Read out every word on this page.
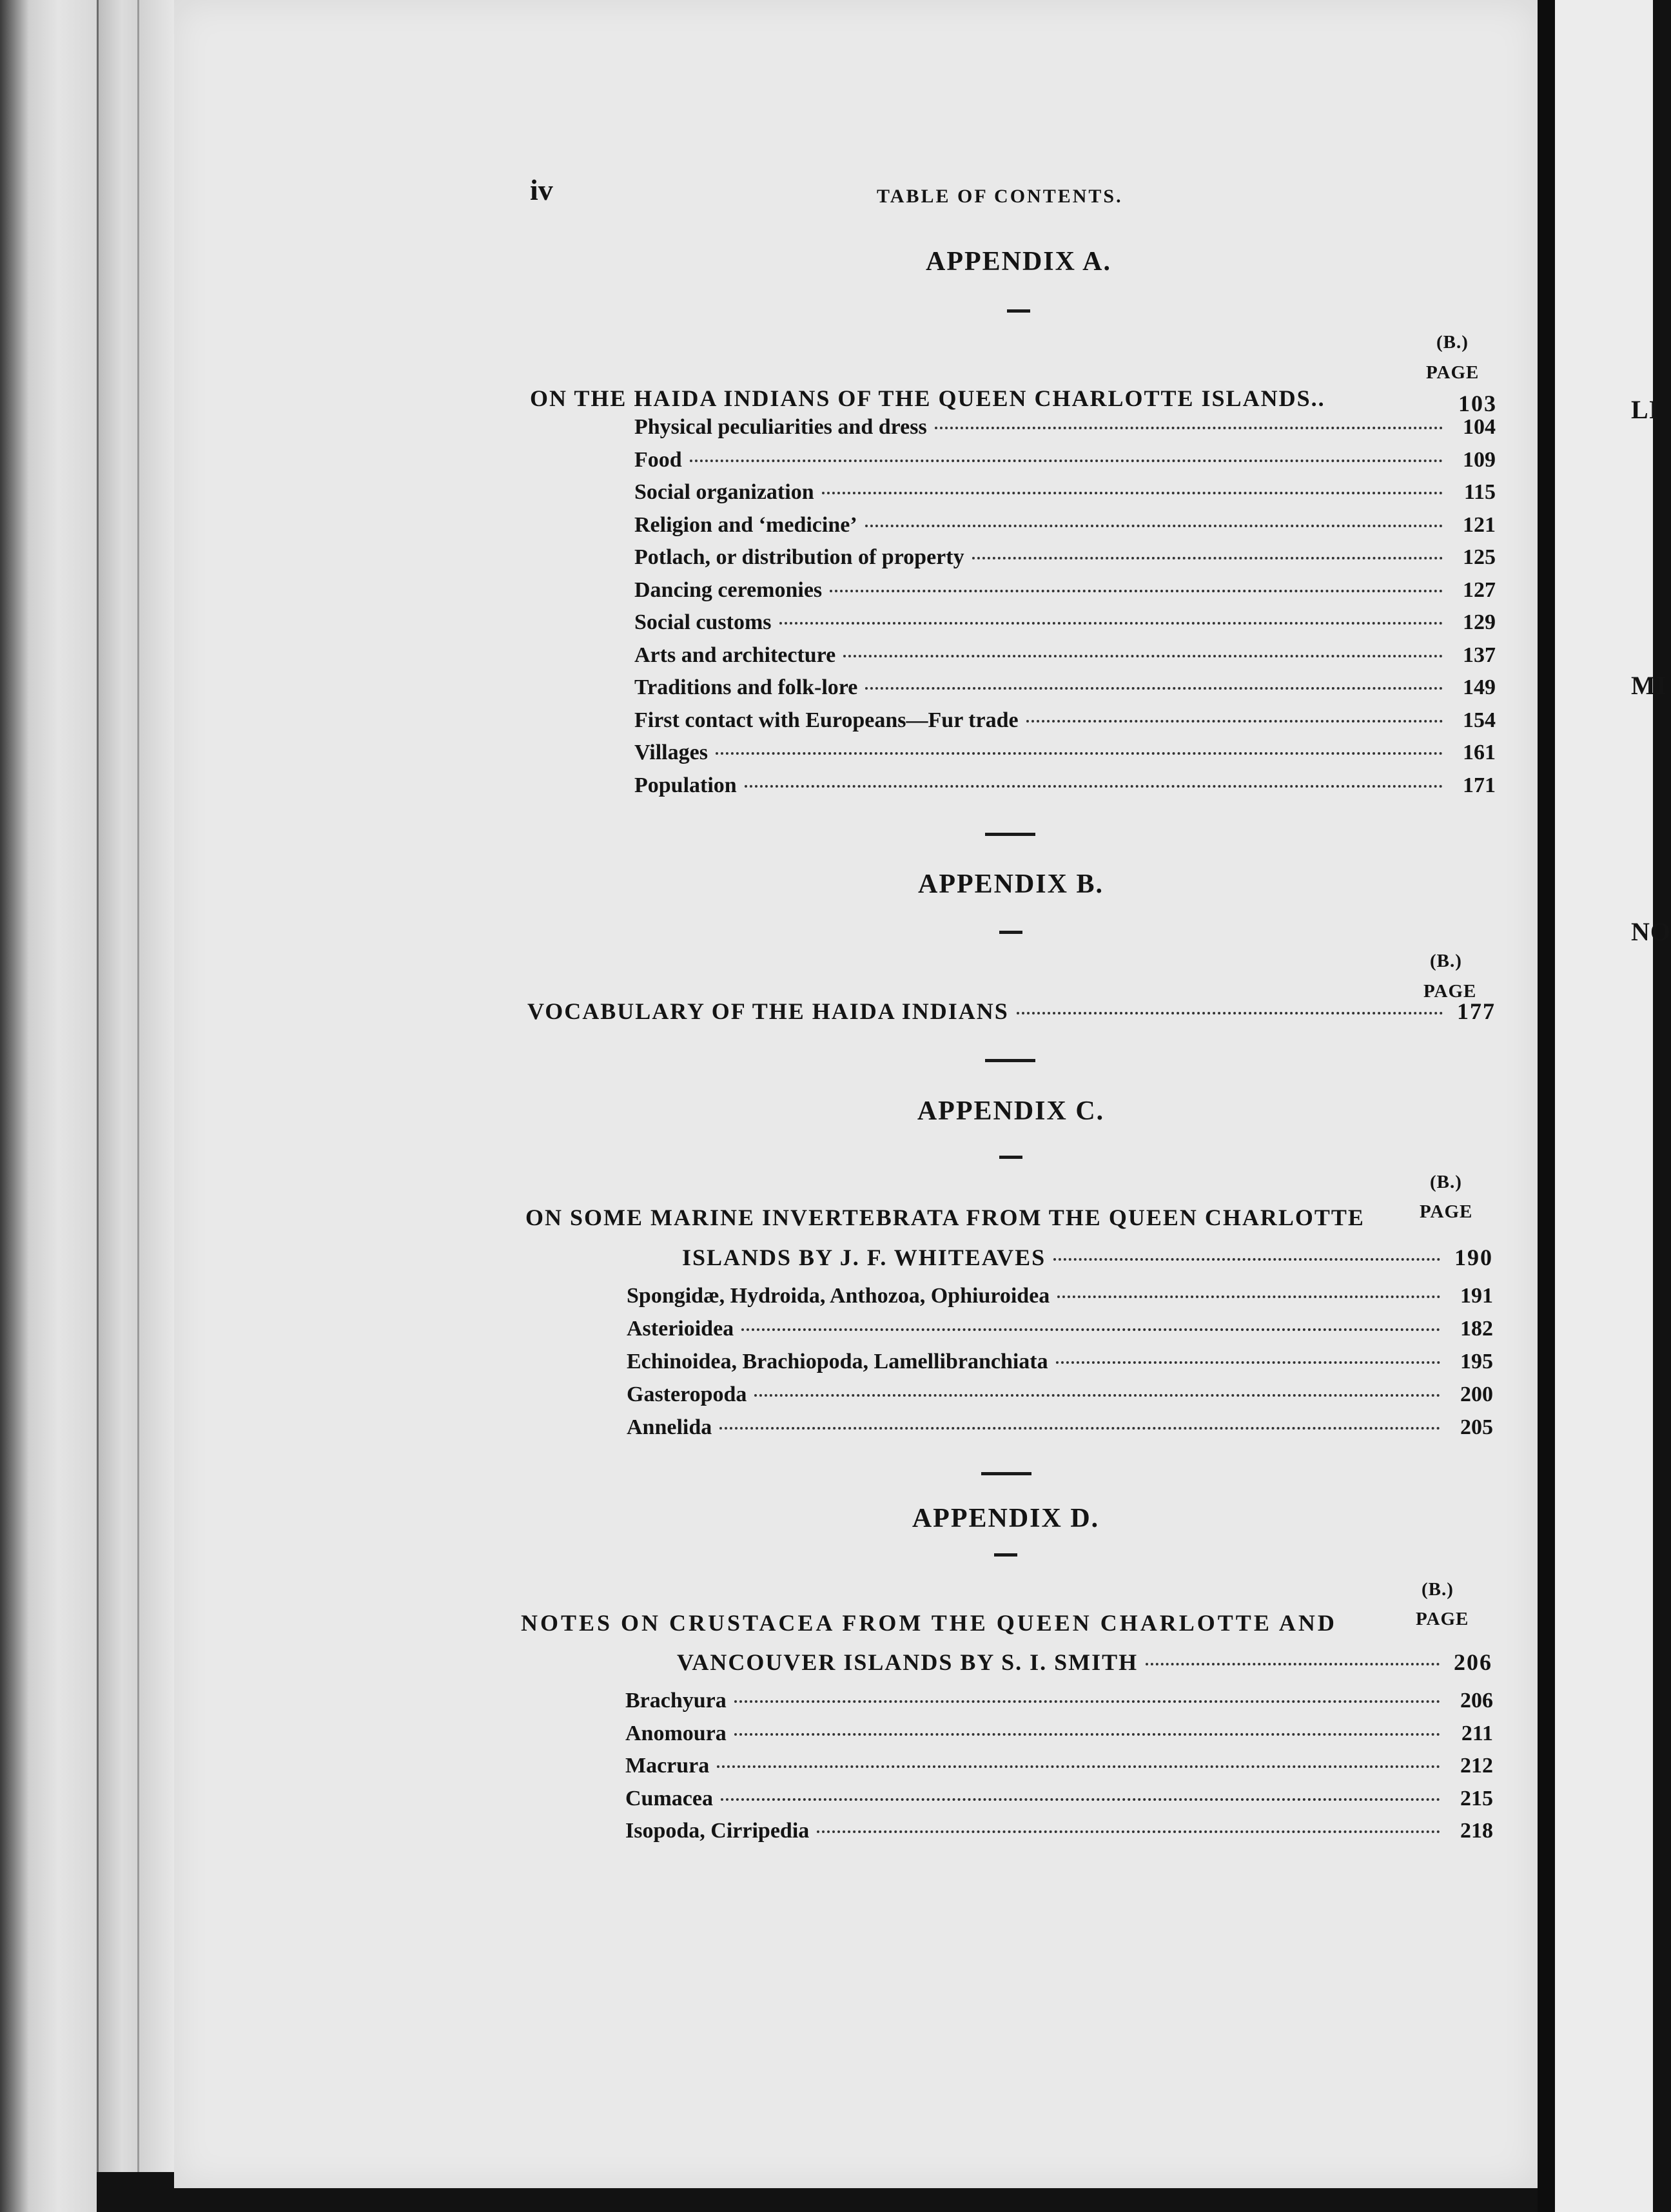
LI
MI
NO
iv	TABLE OF CONTENTS.
APPENDIX A.
(B.)
PAGE
ON THE HAIDA INDIANS OF THE QUEEN CHARLOTTE ISLANDS..	103
Physical peculiarities and dress	104
Food	109
Social organization	115
Religion and ‘medicine’	121
Potlach, or distribution of property	125
Dancing ceremonies	127
Social customs	129
Arts and architecture	137
Traditions and folk-lore	149
First contact with Europeans—Fur trade	154
Villages	161
Population	171
APPENDIX B.
(B.)
PAGE
VOCABULARY OF THE HAIDA INDIANS	177
APPENDIX C.
(B.)
PAGE
ON SOME MARINE INVERTEBRATA FROM THE QUEEN CHARLOTTE
ISLANDS BY J. F. WHITEAVES	190
Spongidæ, Hydroida, Anthozoa, Ophiuroidea	191
Asterioidea	182
Echinoidea, Brachiopoda, Lamellibranchiata	195
Gasteropoda	200
Annelida	205
APPENDIX D.
(B.)
PAGE
NOTES ON CRUSTACEA FROM THE QUEEN CHARLOTTE AND
VANCOUVER ISLANDS BY S. I. SMITH	206
Brachyura	206
Anomoura	211
Macrura	212
Cumacea	215
Isopoda, Cirripedia	218
